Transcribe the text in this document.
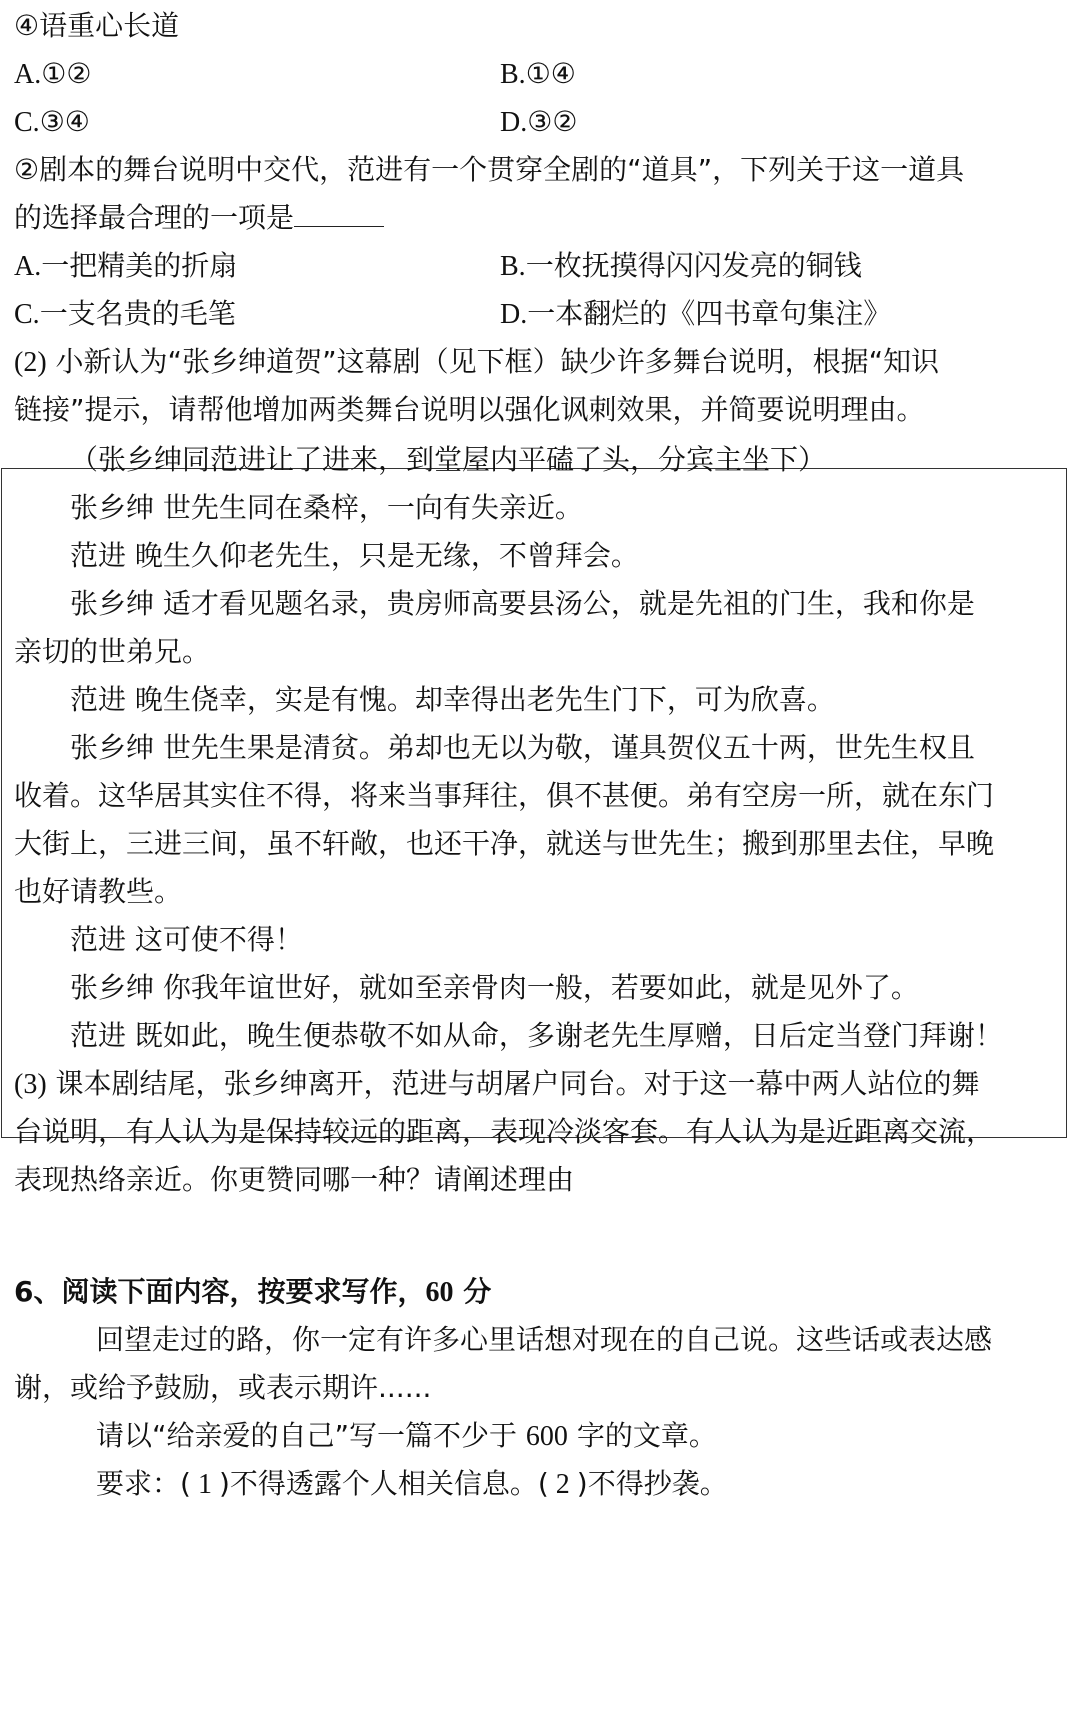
④语重心长道
A.①②	B.①④
C.③④	D.③②
②剧本的舞台说明中交代，范进有一个贯穿全剧的“道具”，下列关于这一道具
的选择最合理的一项是
A.一把精美的折扇	B.一枚抚摸得闪闪发亮的铜钱
C.一支名贵的毛笔	D.一本翻烂的《四书章句集注》
(2) 小新认为“张乡绅道贺”这幕剧（见下框）缺少许多舞台说明，根据“知识
链接”提示，请帮他增加两类舞台说明以强化讽刺效果，并简要说明理由。
（张乡绅同范进让了进来，到堂屋内平磕了头，分宾主坐下）
张乡绅 世先生同在桑梓，一向有失亲近。
范进 晚生久仰老先生，只是无缘，不曾拜会。
张乡绅 适才看见题名录，贵房师高要县汤公，就是先祖的门生，我和你是
亲切的世弟兄。
范进 晚生侥幸，实是有愧。却幸得出老先生门下，可为欣喜。
张乡绅 世先生果是清贫。弟却也无以为敬，谨具贺仪五十两，世先生权且
收着。这华居其实住不得，将来当事拜往，俱不甚便。弟有空房一所，就在东门
大街上，三进三间，虽不轩敞，也还干净，就送与世先生；搬到那里去住，早晚
也好请教些。
范进 这可使不得！
张乡绅 你我年谊世好，就如至亲骨肉一般，若要如此，就是见外了。
范进 既如此，晚生便恭敬不如从命，多谢老先生厚赠，日后定当登门拜谢！
(3) 课本剧结尾，张乡绅离开，范进与胡屠户同台。对于这一幕中两人站位的舞
台说明，有人认为是保持较远的距离，表现冷淡客套。有人认为是近距离交流，
表现热络亲近。你更赞同哪一种？请阐述理由
6、阅读下面内容，按要求写作，60 分
回望走过的路，你一定有许多心里话想对现在的自己说。这些话或表达感
谢，或给予鼓励，或表示期许......
请以“给亲爱的自己”写一篇不少于 600 字的文章。
要求：( 1 )不得透露个人相关信息。( 2 )不得抄袭。
